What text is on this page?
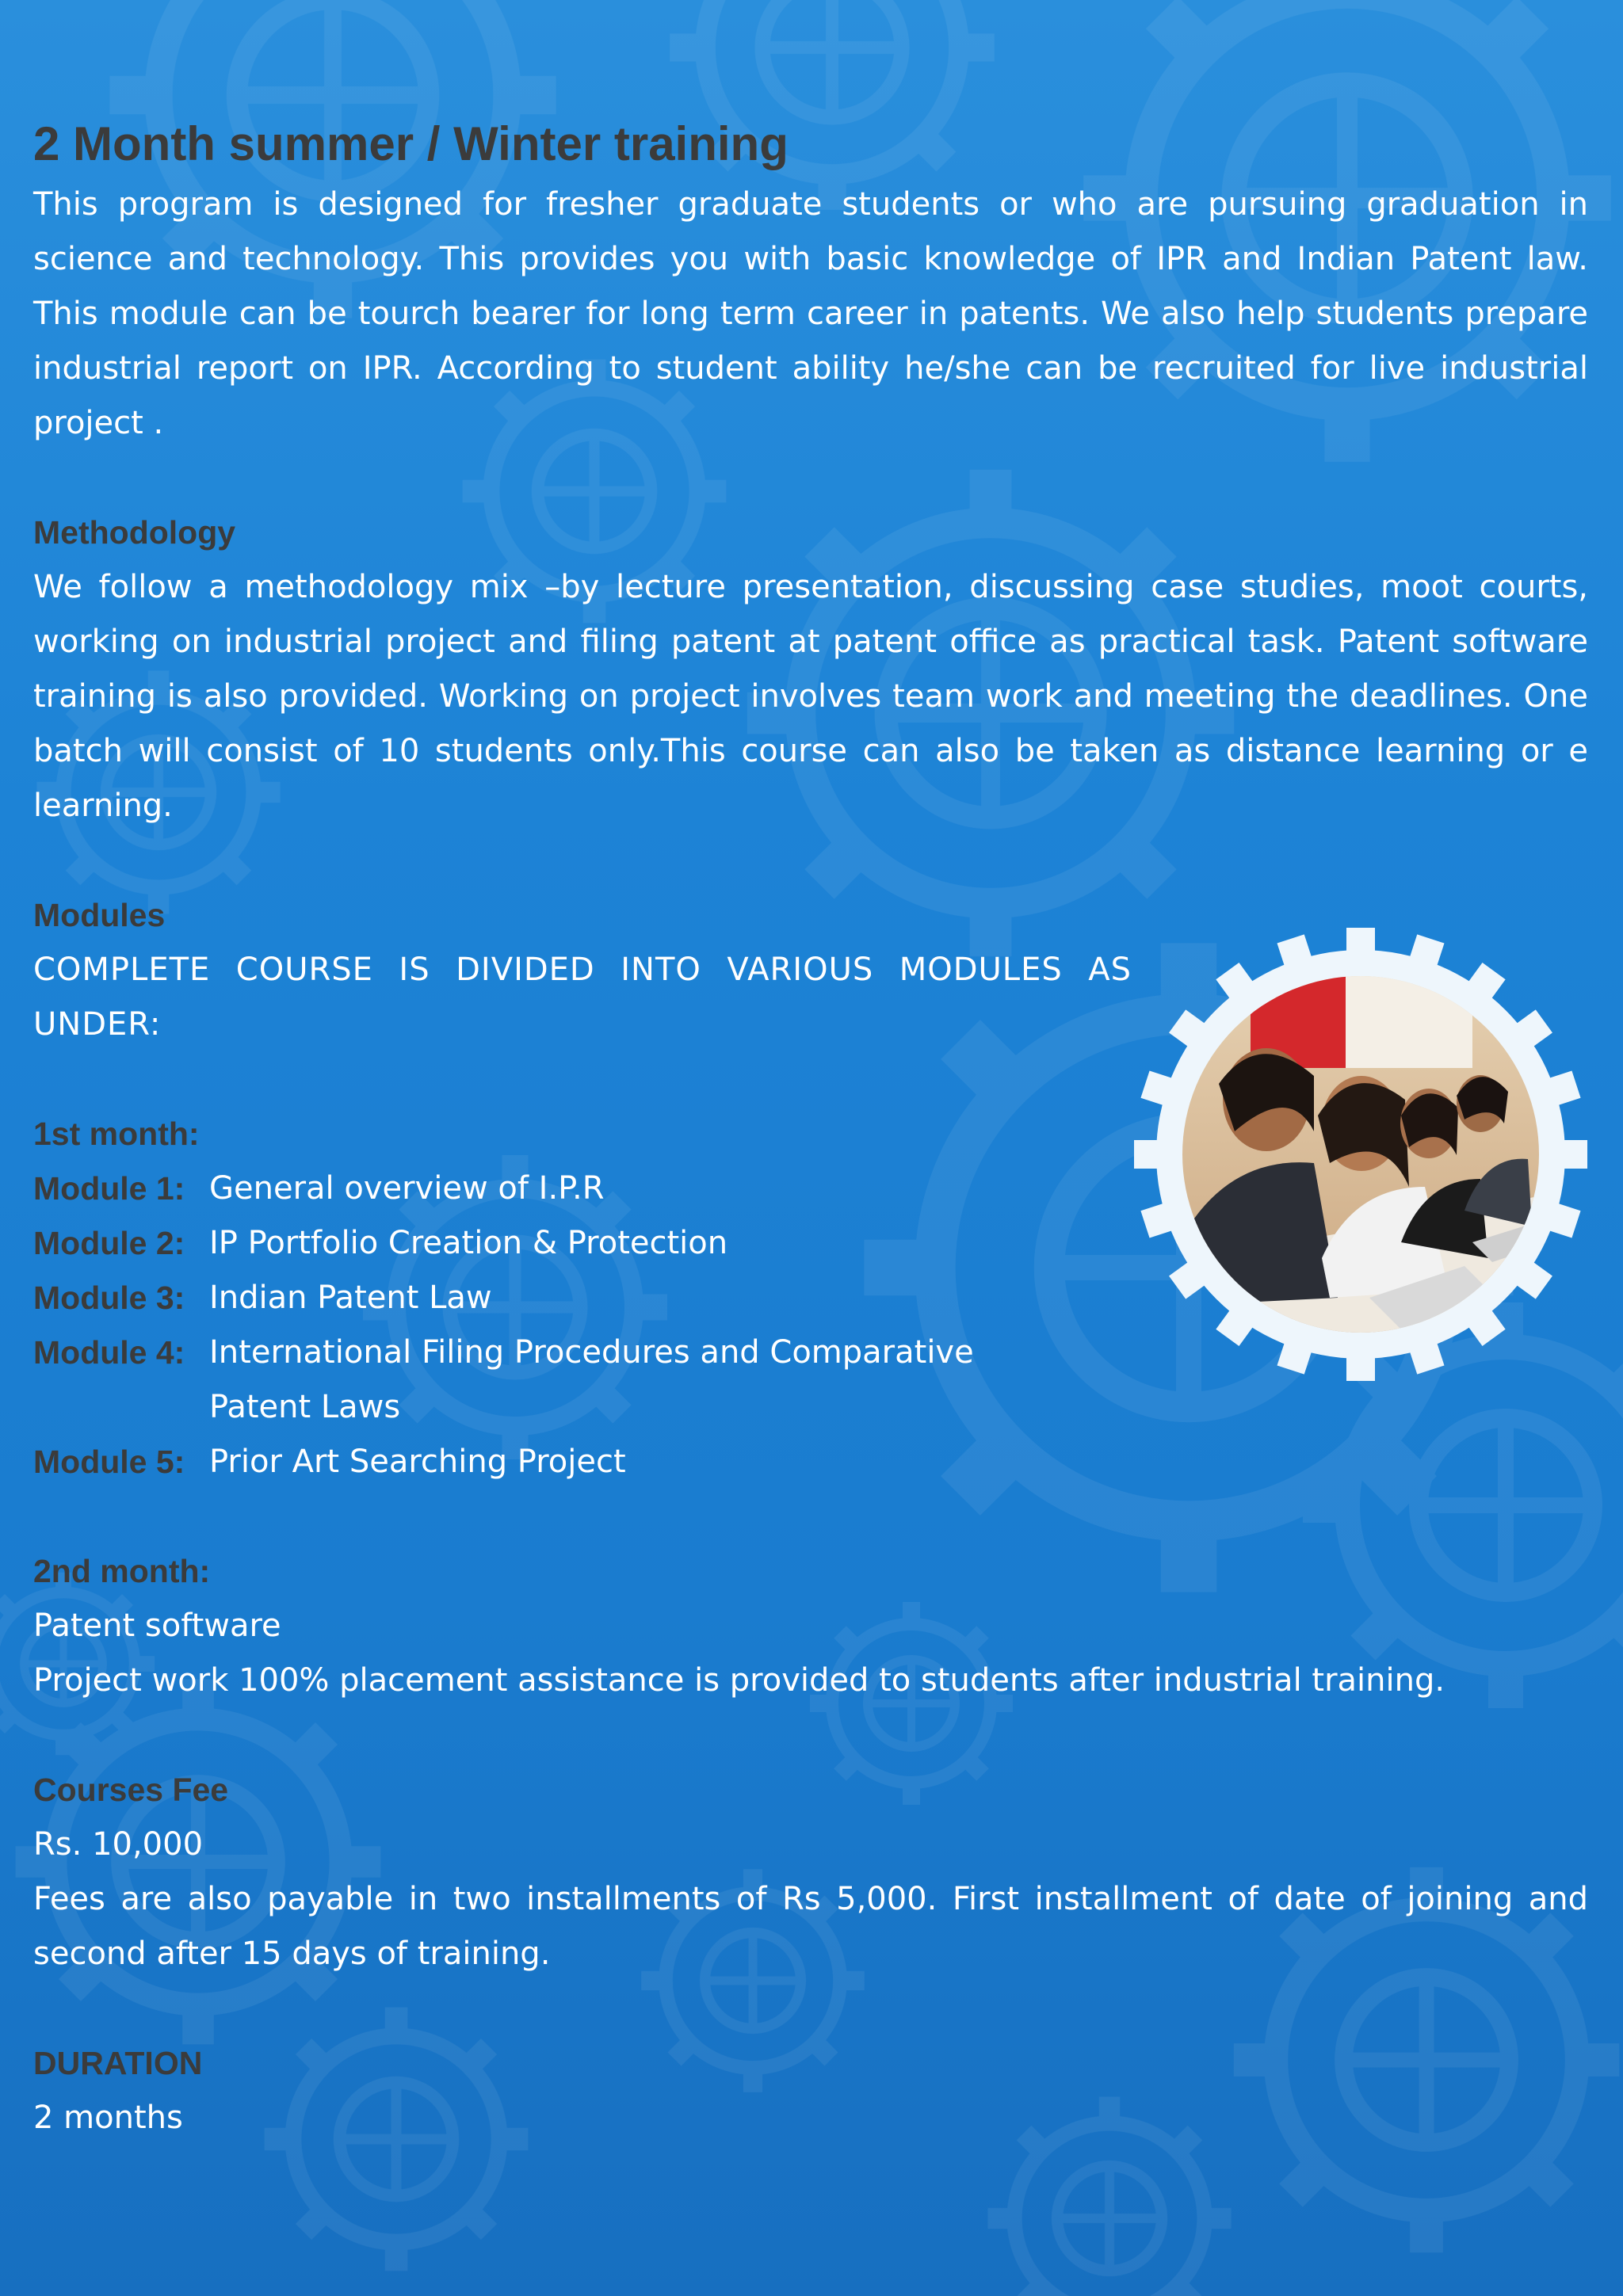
2 Month summer / Winter training

This program is designed for fresher graduate students or who are pursuing graduation in science and technology. This provides you with basic knowledge of IPR and Indian Patent law. This module can be tourch bearer for long term career in patents. We also help students prepare industrial report on IPR. According to student ability he/she can be recruited for live industrial project .

Methodology

We follow a methodology mix –by lecture presentation, discussing case studies, moot courts, working on industrial project and filing patent at patent office as practical task. Patent software training is also provided. Working on project involves team work and meeting the deadlines. One batch will consist of 10 students only.This course can also be taken as distance learning or e learning.

Modules

COMPLETE COURSE IS DIVIDED INTO VARIOUS MODULES AS UNDER:

1st month:
Module 1: General overview of I.P.R
Module 2: IP Portfolio Creation & Protection
Module 3: Indian Patent Law
Module 4: International Filing Procedures and Comparative
Patent Laws
Module 5: Prior Art Searching Project
2nd month:

Patent software

Project work 100% placement assistance is provided to students after industrial training.

Courses Fee

Rs. 10,000

Fees are also payable in two installments of Rs 5,000. First installment of date of joining and second after 15 days of training.

DURATION

2 months
